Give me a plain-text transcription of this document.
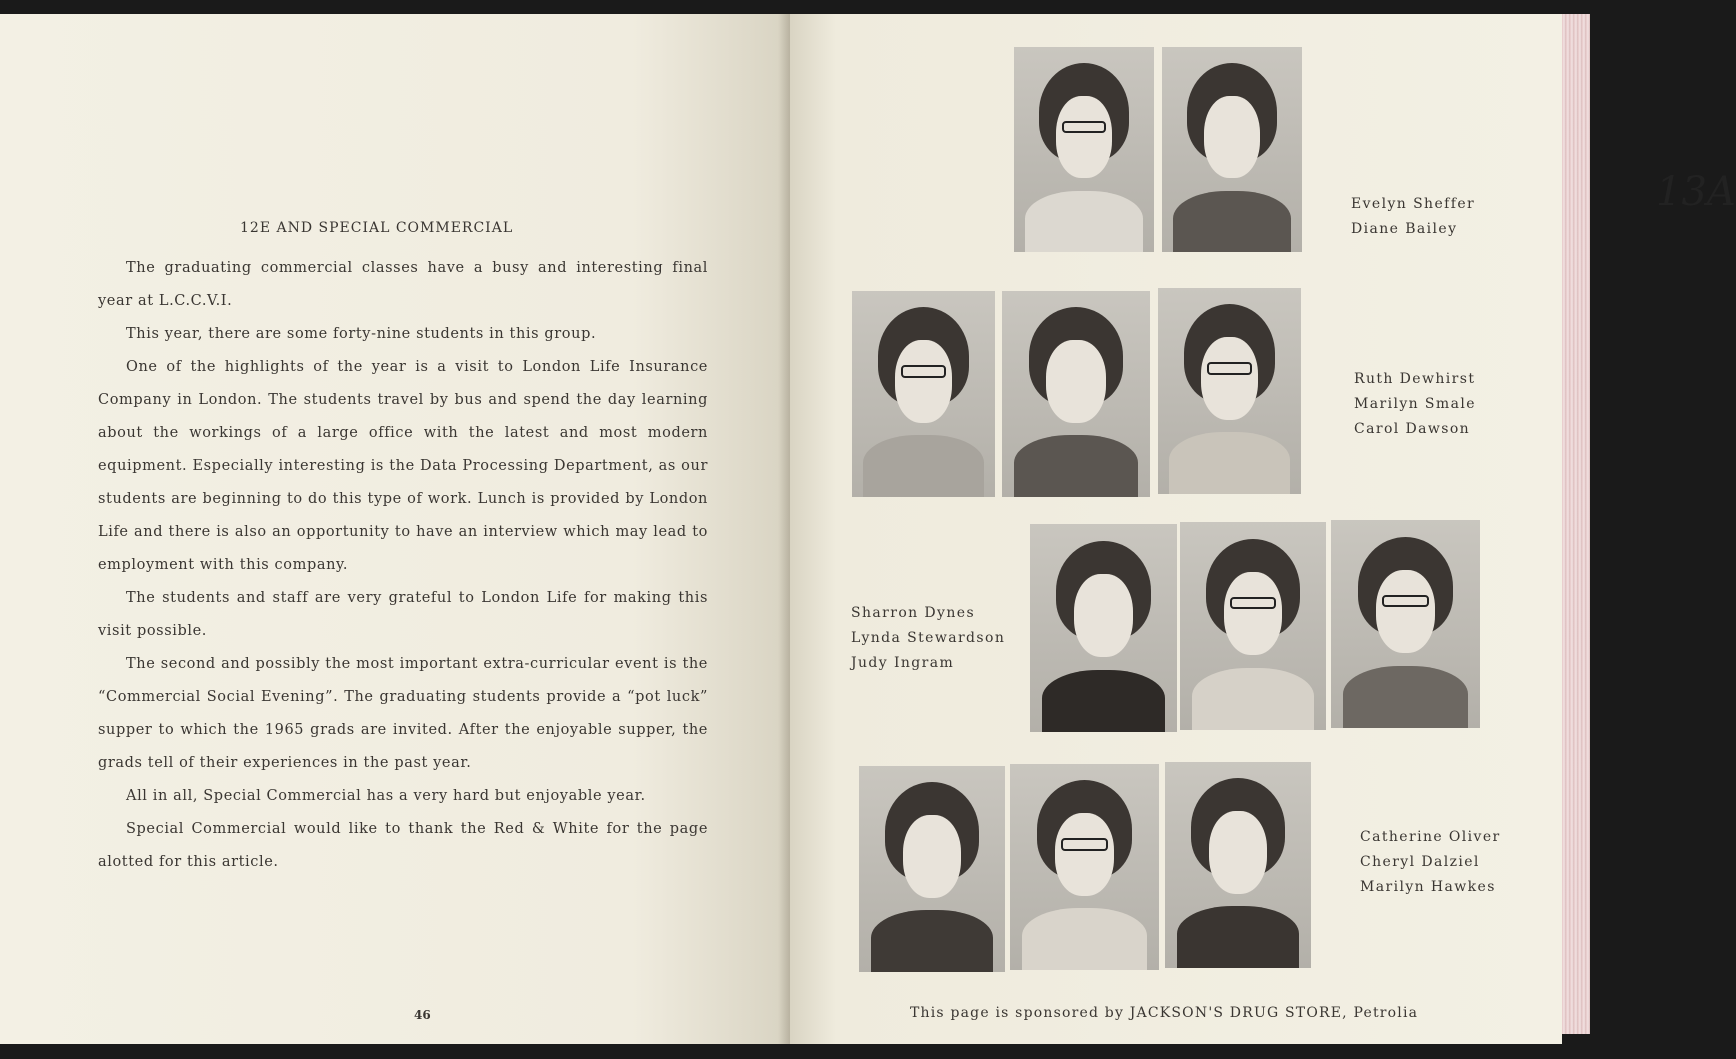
12E AND SPECIAL COMMERCIAL

The graduating commercial classes have a busy and interesting final year at L.C.C.V.I.

This year, there are some forty-nine students in this group.

One of the highlights of the year is a visit to London Life Insurance Company in London. The students travel by bus and spend the day learning about the workings of a large office with the latest and most modern equipment. Especially interesting is the Data Processing Department, as our students are beginning to do this type of work. Lunch is provided by London Life and there is also an opportunity to have an interview which may lead to employment with this company.

The students and staff are very grateful to London Life for making this visit possible.

The second and possibly the most important extra-curricular event is the “Commercial Social Evening”. The graduating students provide a “pot luck” supper to which the 1965 grads are invited. After the enjoyable supper, the grads tell of their experiences in the past year.

All in all, Special Commercial has a very hard but enjoyable year.

Special Commercial would like to thank the Red & White for the page alotted for this article.

46
13A
Evelyn Sheffer
Diane Bailey
Ruth Dewhirst
Marilyn Smale
Carol Dawson
Sharron Dynes
Lynda Stewardson
Judy Ingram
Catherine Oliver
Cheryl Dalziel
Marilyn Hawkes
This page is sponsored by JACKSON'S DRUG STORE, Petrolia
